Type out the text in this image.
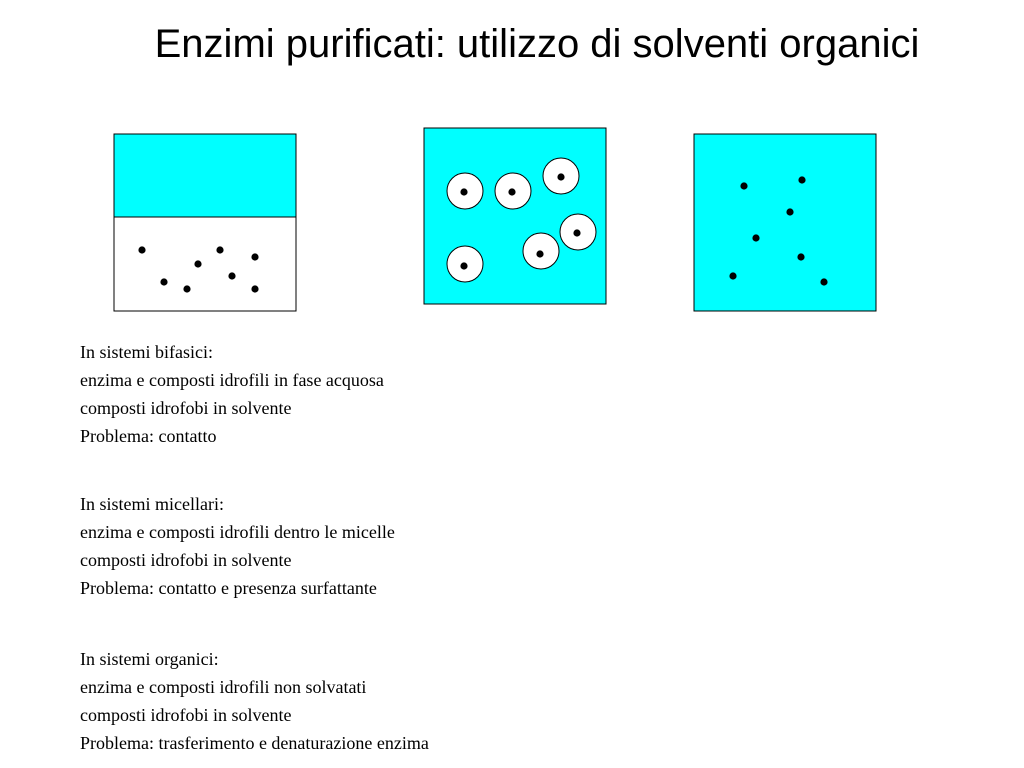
Enzimi purificati: utilizzo di solventi organici
In sistemi bifasici:
enzima e composti idrofili in fase acquosa
composti idrofobi in solvente
Problema: contatto
In sistemi micellari:
enzima e composti idrofili dentro le micelle
composti idrofobi in solvente
Problema: contatto e presenza surfattante
In sistemi organici:
enzima e composti idrofili non solvatati
composti idrofobi in solvente
Problema: trasferimento e denaturazione enzima
